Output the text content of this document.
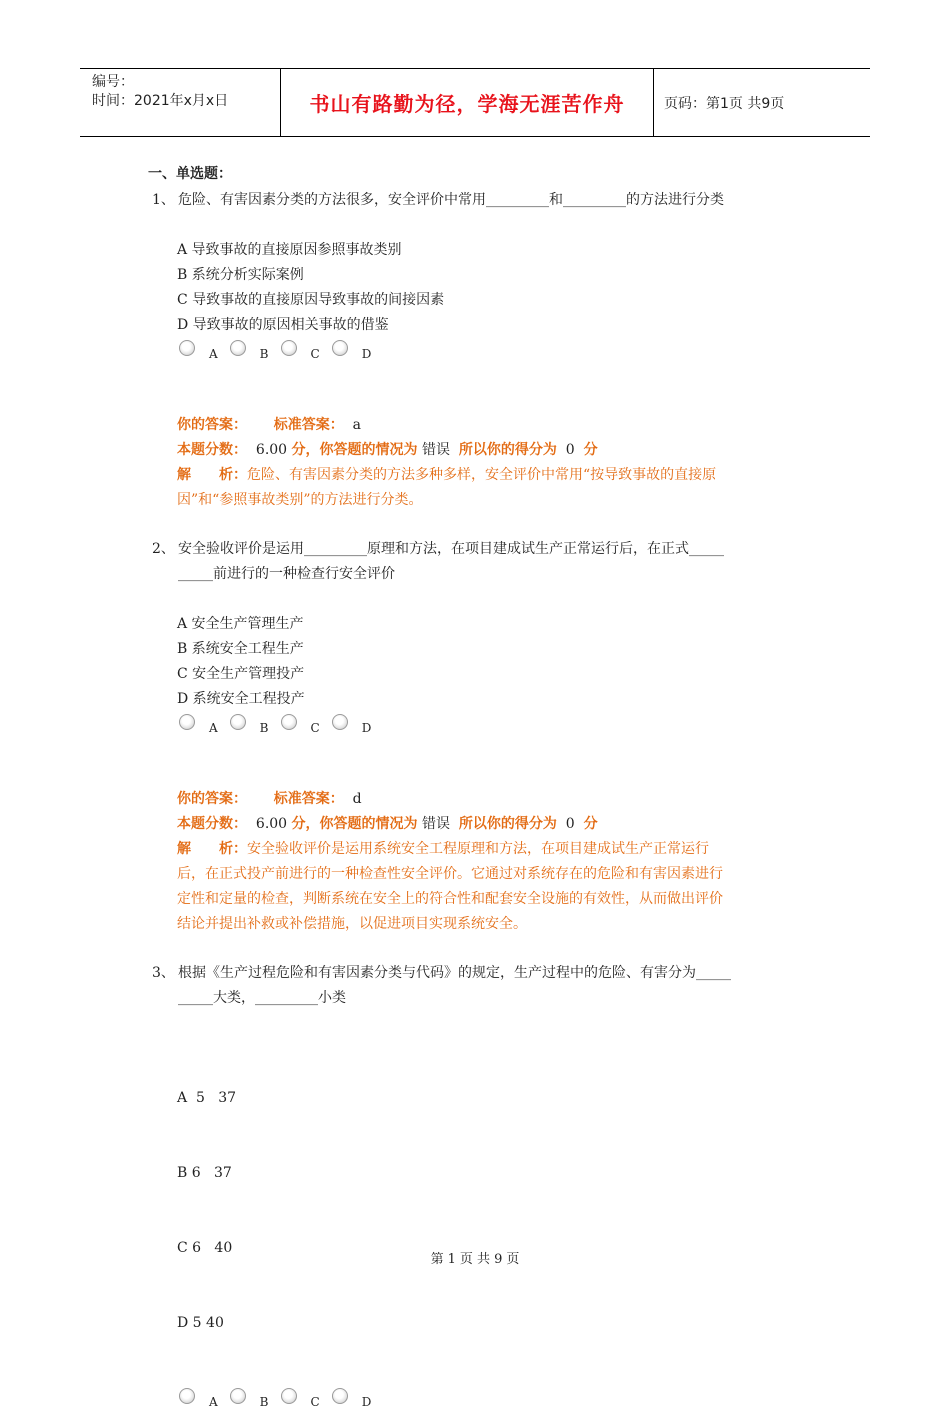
编号：
时间：2021年x月x日	书山有路勤为径，学海无涯苦作舟	页码：第1页 共9页
一、单选题：
1、 危险、有害因素分类的方法很多，安全评价中常用_________和_________的方法进行分类
A 导致事故的直接原因参照事故类别
B 系统分析实际案例
C 导致事故的直接原因导致事故的间接因素
D 导致事故的原因相关事故的借鉴
A	B	C	D
你的答案： 标准答案： a
本题分数： 6.00 分，你答题的情况为 错误 所以你的得分为 0 分
解　　析：危险、有害因素分类的方法多种多样，安全评价中常用“按导致事故的直接原
因”和“参照事故类别”的方法进行分类。
2、 安全验收评价是运用_________原理和方法，在项目建成试生产正常运行后，在正式_____
_____前进行的一种检查行安全评价
A 安全生产管理生产
B 系统安全工程生产
C 安全生产管理投产
D 系统安全工程投产
A	B	C	D
你的答案： 标准答案： d
本题分数： 6.00 分，你答题的情况为 错误 所以你的得分为 0 分
解　　析：安全验收评价是运用系统安全工程原理和方法，在项目建成试生产正常运行
后，在正式投产前进行的一种检查性安全评价。它通过对系统存在的危险和有害因素进行
定性和定量的检查，判断系统在安全上的符合性和配套安全设施的有效性，从而做出评价
结论并提出补救或补偿措施，以促进项目实现系统安全。
3、 根据《生产过程危险和有害因素分类与代码》的规定，生产过程中的危险、有害分为_____
_____大类，_________小类

A  5   37

B 6   37

C 6   40

D 5 40

A	B	C	D
第 1 页 共 9 页
